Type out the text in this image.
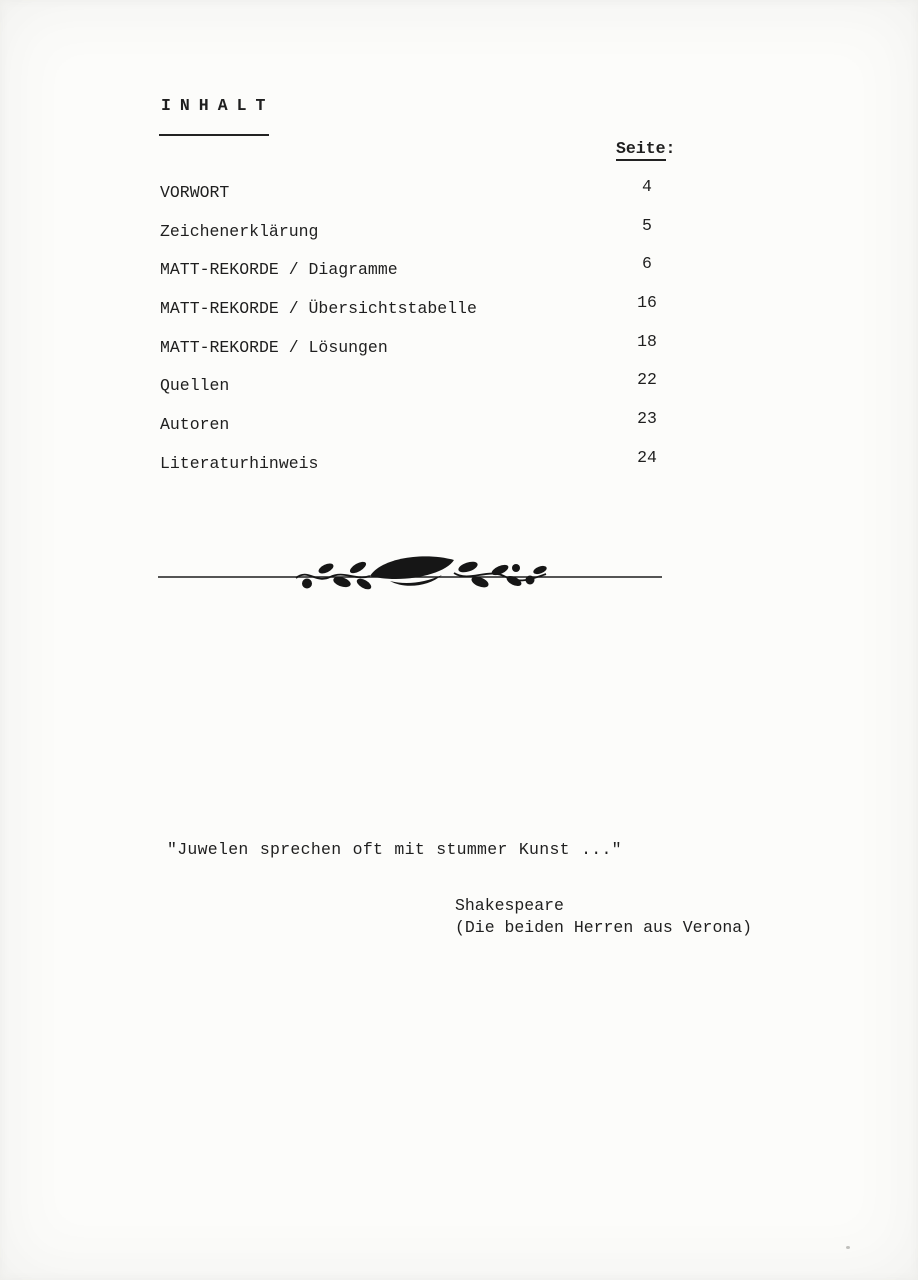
INHALT
Seite:
VORWORT	4
Zeichenerklärung	5
MATT-REKORDE / Diagramme	6
MATT-REKORDE / Übersichtstabelle	16
MATT-REKORDE / Lösungen	18
Quellen	22
Autoren	23
Literaturhinweis	24
"Juwelen sprechen oft mit stummer Kunst ..."
Shakespeare
(Die beiden Herren aus Verona)
